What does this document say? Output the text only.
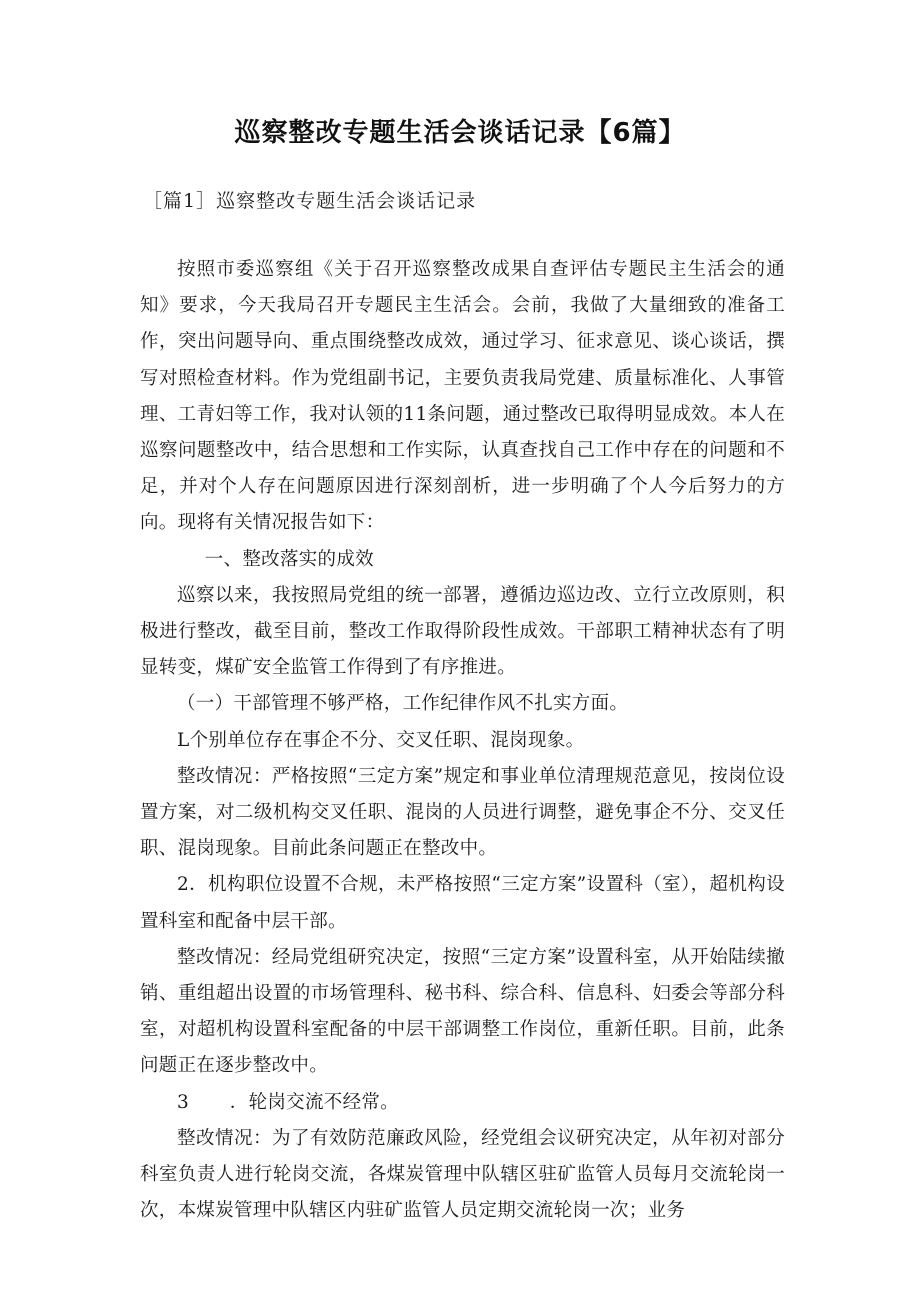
巡察整改专题生活会谈话记录【6篇】
［篇1］巡察整改专题生活会谈话记录

按照市委巡察组《关于召开巡察整改成果自查评估专题民主生活会的通知》要求，今天我局召开专题民主生活会。会前，我做了大量细致的准备工作，突出问题导向、重点围绕整改成效，通过学习、征求意见、谈心谈话，撰写对照检查材料。作为党组副书记，主要负责我局党建、质量标准化、人事管理、工青妇等工作，我对认领的11条问题，通过整改已取得明显成效。本人在巡察问题整改中，结合思想和工作实际，认真查找自己工作中存在的问题和不足，并对个人存在问题原因进行深刻剖析，进一步明确了个人今后努力的方向。现将有关情况报告如下：

一、整改落实的成效

巡察以来，我按照局党组的统一部署，遵循边巡边改、立行立改原则，积极进行整改，截至目前，整改工作取得阶段性成效。干部职工精神状态有了明显转变，煤矿安全监管工作得到了有序推进。

（一）干部管理不够严格，工作纪律作风不扎实方面。

L个别单位存在事企不分、交叉任职、混岗现象。

整改情况：严格按照“三定方案”规定和事业单位清理规范意见，按岗位设置方案，对二级机构交叉任职、混岗的人员进行调整，避免事企不分、交叉任职、混岗现象。目前此条问题正在整改中。

2．机构职位设置不合规，未严格按照“三定方案”设置科（室），超机构设置科室和配备中层干部。

整改情况：经局党组研究决定，按照“三定方案”设置科室，从开始陆续撤销、重组超出设置的市场管理科、秘书科、综合科、信息科、妇委会等部分科室，对超机构设置科室配备的中层干部调整工作岗位，重新任职。目前，此条问题正在逐步整改中。

3 ．轮岗交流不经常。

整改情况：为了有效防范廉政风险，经党组会议研究决定，从年初对部分科室负责人进行轮岗交流，各煤炭管理中队辖区驻矿监管人员每月交流轮岗一次，本煤炭管理中队辖区内驻矿监管人员定期交流轮岗一次；业务
